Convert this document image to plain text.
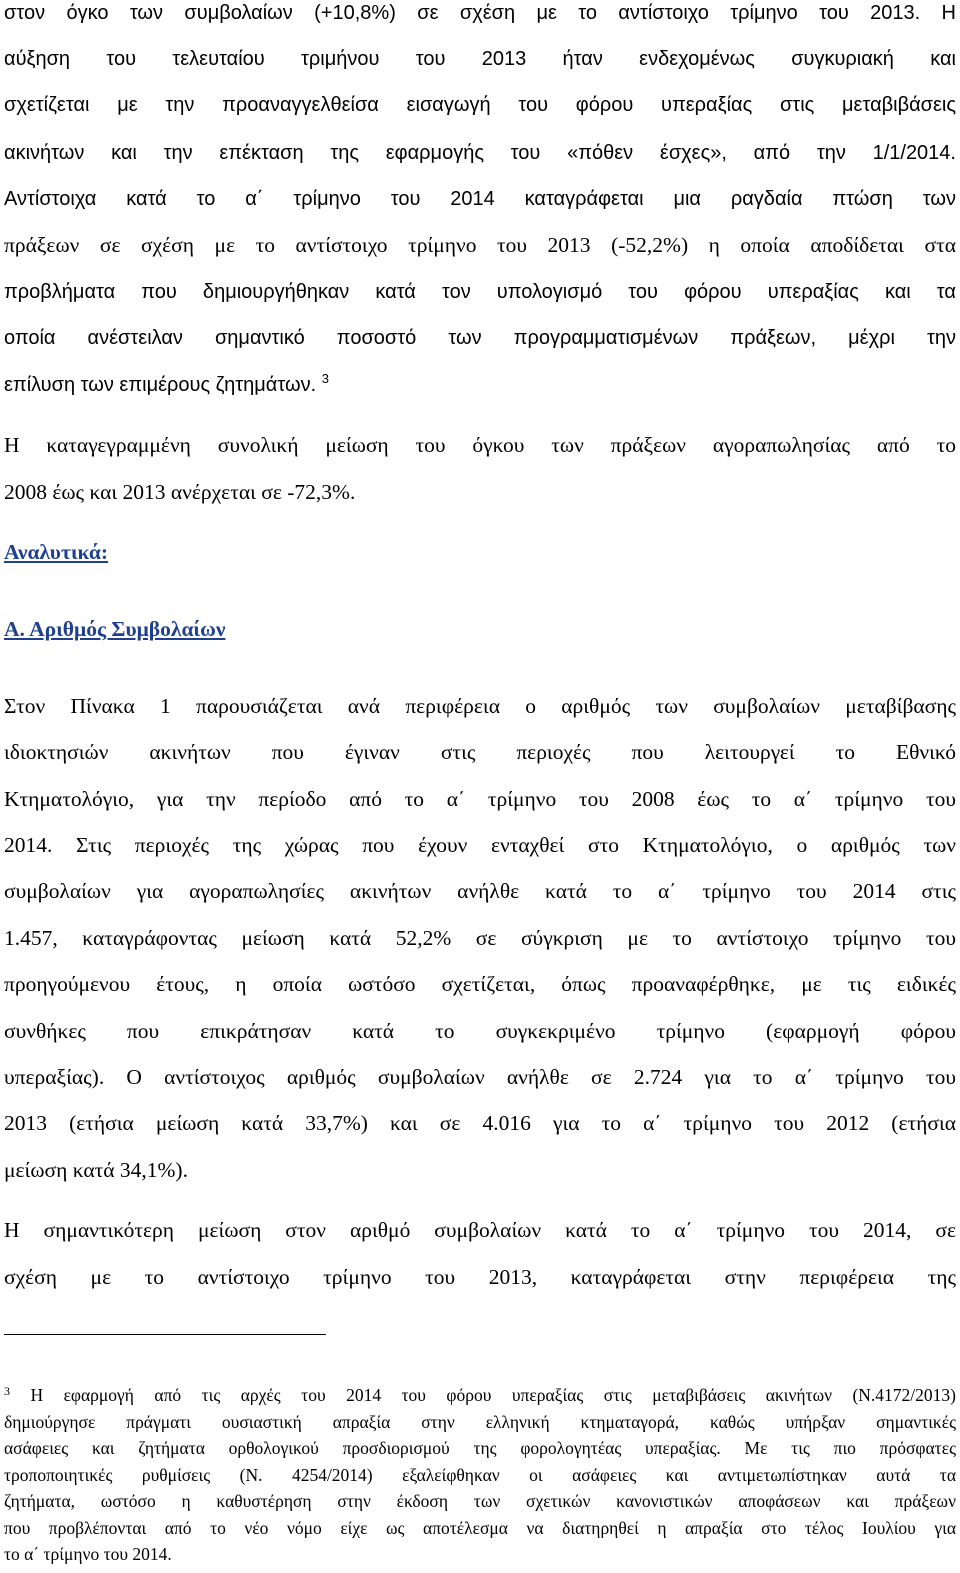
στον όγκο των συμβολαίων (+10,8%) σε σχέση με το αντίστοιχο τρίμηνο του 2013. Η
αύξηση του τελευταίου τριμήνου του 2013 ήταν ενδεχομένως συγκυριακή και
σχετίζεται με την προαναγγελθείσα εισαγωγή του φόρου υπεραξίας στις μεταβιβάσεις
ακινήτων και την επέκταση της εφαρμογής του «πόθεν έσχες», από την 1/1/2014.
Αντίστοιχα κατά το α΄ τρίμηνο του 2014 καταγράφεται μια ραγδαία πτώση των
πράξεων σε σχέση με το αντίστοιχο τρίμηνο του 2013 (-52,2%) η οποία αποδίδεται στα
προβλήματα που δημιουργήθηκαν κατά τον υπολογισμό του φόρου υπεραξίας και τα
οποία ανέστειλαν σημαντικό ποσοστό των προγραμματισμένων πράξεων, μέχρι την
επίλυση των επιμέρους ζητημάτων. $^3$
Η καταγεγραμμένη συνολική μείωση του όγκου των πράξεων αγοραπωλησίας από το
2008 έως και 2013 ανέρχεται σε -72,3%.
Αναλυτικά:
Α. Αριθμός Συμβολαίων
Στον Πίνακα 1 παρουσιάζεται ανά περιφέρεια ο αριθμός των συμβολαίων μεταβίβασης
ιδιοκτησιών ακινήτων που έγιναν στις περιοχές που λειτουργεί το Εθνικό
Κτηματολόγιο, για την περίοδο από το α΄ τρίμηνο του 2008 έως το α΄ τρίμηνο του
2014. Στις περιοχές της χώρας που έχουν ενταχθεί στο Κτηματολόγιο, ο αριθμός των
συμβολαίων για αγοραπωλησίες ακινήτων ανήλθε κατά το α΄ τρίμηνο του 2014 στις
1.457, καταγράφοντας μείωση κατά 52,2% σε σύγκριση με το αντίστοιχο τρίμηνο του
προηγούμενου έτους, η οποία ωστόσο σχετίζεται, όπως προαναφέρθηκε, με τις ειδικές
συνθήκες που επικράτησαν κατά το συγκεκριμένο τρίμηνο (εφαρμογή φόρου
υπεραξίας). Ο αντίστοιχος αριθμός συμβολαίων ανήλθε σε 2.724 για το α΄ τρίμηνο του
2013 (ετήσια μείωση κατά 33,7%) και σε 4.016 για το α΄ τρίμηνο του 2012 (ετήσια
μείωση κατά 34,1%).
Η σημαντικότερη μείωση στον αριθμό συμβολαίων κατά το α΄ τρίμηνο του 2014, σε
σχέση με το αντίστοιχο τρίμηνο του 2013, καταγράφεται στην περιφέρεια της
$^3$ Η εφαρμογή από τις αρχές του 2014 του φόρου υπεραξίας στις μεταβιβάσεις ακινήτων (Ν.4172/2013)
δημιούργησε πράγματι ουσιαστική απραξία στην ελληνική κτηματαγορά, καθώς υπήρξαν σημαντικές
ασάφειες και ζητήματα ορθολογικού προσδιορισμού της φορολογητέας υπεραξίας. Με τις πιο πρόσφατες
τροποποιητικές ρυθμίσεις (Ν. 4254/2014) εξαλείφθηκαν οι ασάφειες και αντιμετωπίστηκαν αυτά τα
ζητήματα, ωστόσο η καθυστέρηση στην έκδοση των σχετικών κανονιστικών αποφάσεων και πράξεων
που προβλέπονται από το νέο νόμο είχε ως αποτέλεσμα να διατηρηθεί η απραξία στο τέλος Ιουλίου για
το α΄ τρίμηνο του 2014.
